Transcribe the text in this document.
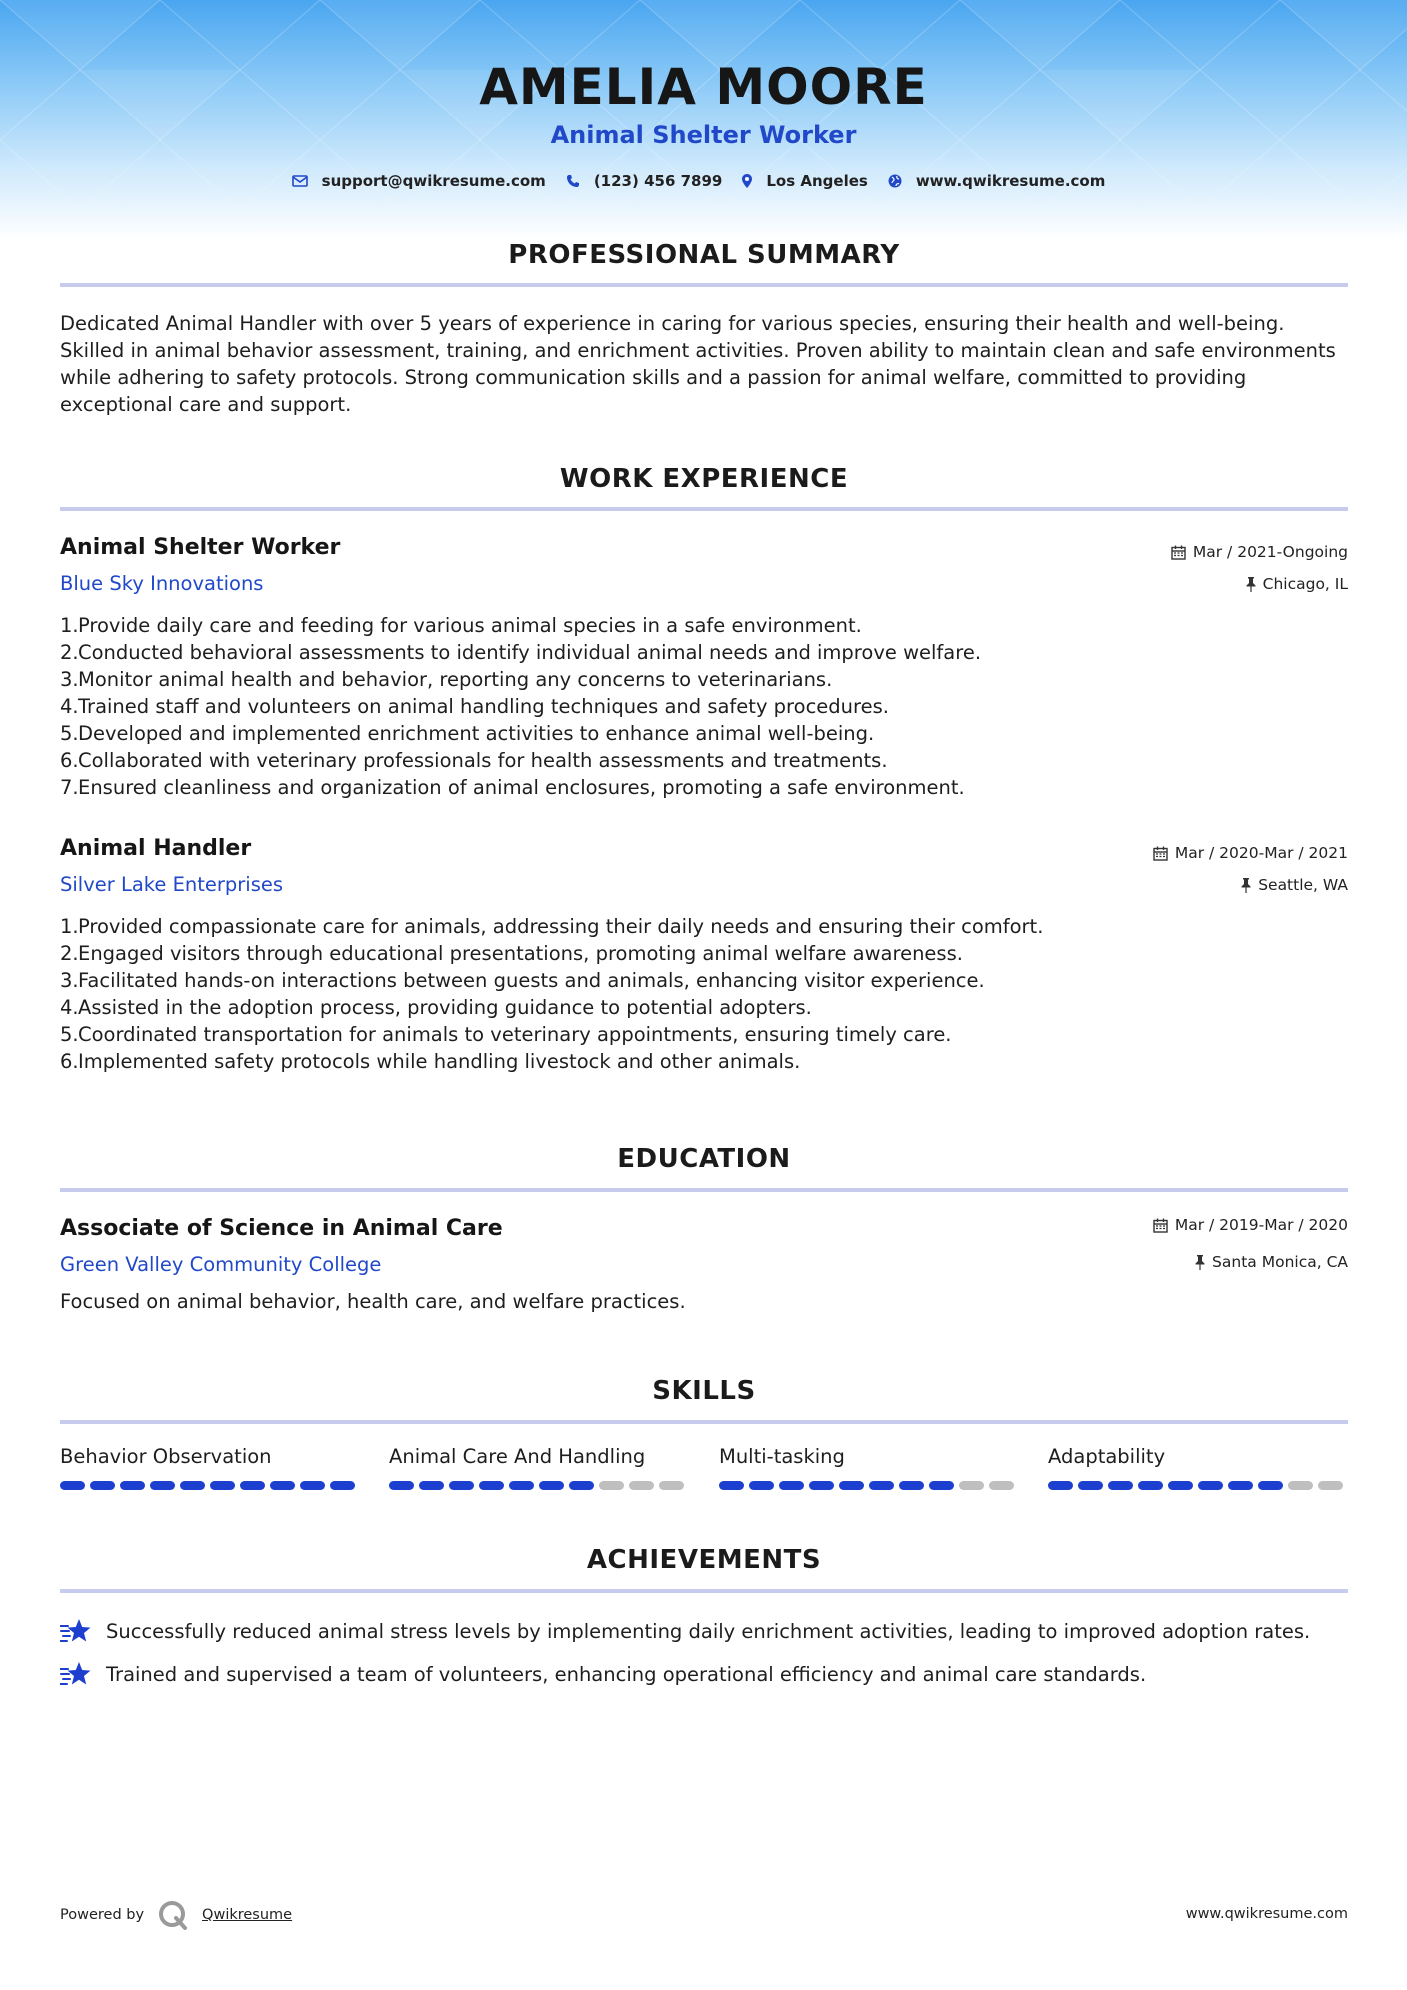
AMELIA MOORE
Animal Shelter Worker
support@qwikresume.com	(123) 456 7899	Los Angeles	www.qwikresume.com
PROFESSIONAL SUMMARY
Dedicated Animal Handler with over 5 years of experience in caring for various species, ensuring their health and well-being. Skilled in animal behavior assessment, training, and enrichment activities. Proven ability to maintain clean and safe environments while adhering to safety protocols. Strong communication skills and a passion for animal welfare, committed to providing exceptional care and support.
WORK EXPERIENCE
Animal Shelter Worker
Blue Sky Innovations
Mar / 2021-Ongoing
Chicago, IL
Provide daily care and feeding for various animal species in a safe environment.
Conducted behavioral assessments to identify individual animal needs and improve welfare.
Monitor animal health and behavior, reporting any concerns to veterinarians.
Trained staff and volunteers on animal handling techniques and safety procedures.
Developed and implemented enrichment activities to enhance animal well-being.
Collaborated with veterinary professionals for health assessments and treatments.
Ensured cleanliness and organization of animal enclosures, promoting a safe environment.
Animal Handler
Silver Lake Enterprises
Mar / 2020-Mar / 2021
Seattle, WA
Provided compassionate care for animals, addressing their daily needs and ensuring their comfort.
Engaged visitors through educational presentations, promoting animal welfare awareness.
Facilitated hands-on interactions between guests and animals, enhancing visitor experience.
Assisted in the adoption process, providing guidance to potential adopters.
Coordinated transportation for animals to veterinary appointments, ensuring timely care.
Implemented safety protocols while handling livestock and other animals.
EDUCATION
Associate of Science in Animal Care
Green Valley Community College
Mar / 2019-Mar / 2020
Santa Monica, CA
Focused on animal behavior, health care, and welfare practices.
SKILLS
Behavior Observation	Animal Care And Handling	Multi-tasking	Adaptability
ACHIEVEMENTS
Successfully reduced animal stress levels by implementing daily enrichment activities, leading to improved adoption rates.
Trained and supervised a team of volunteers, enhancing operational efficiency and animal care standards.
Powered by	Qwikresume	www.qwikresume.com
